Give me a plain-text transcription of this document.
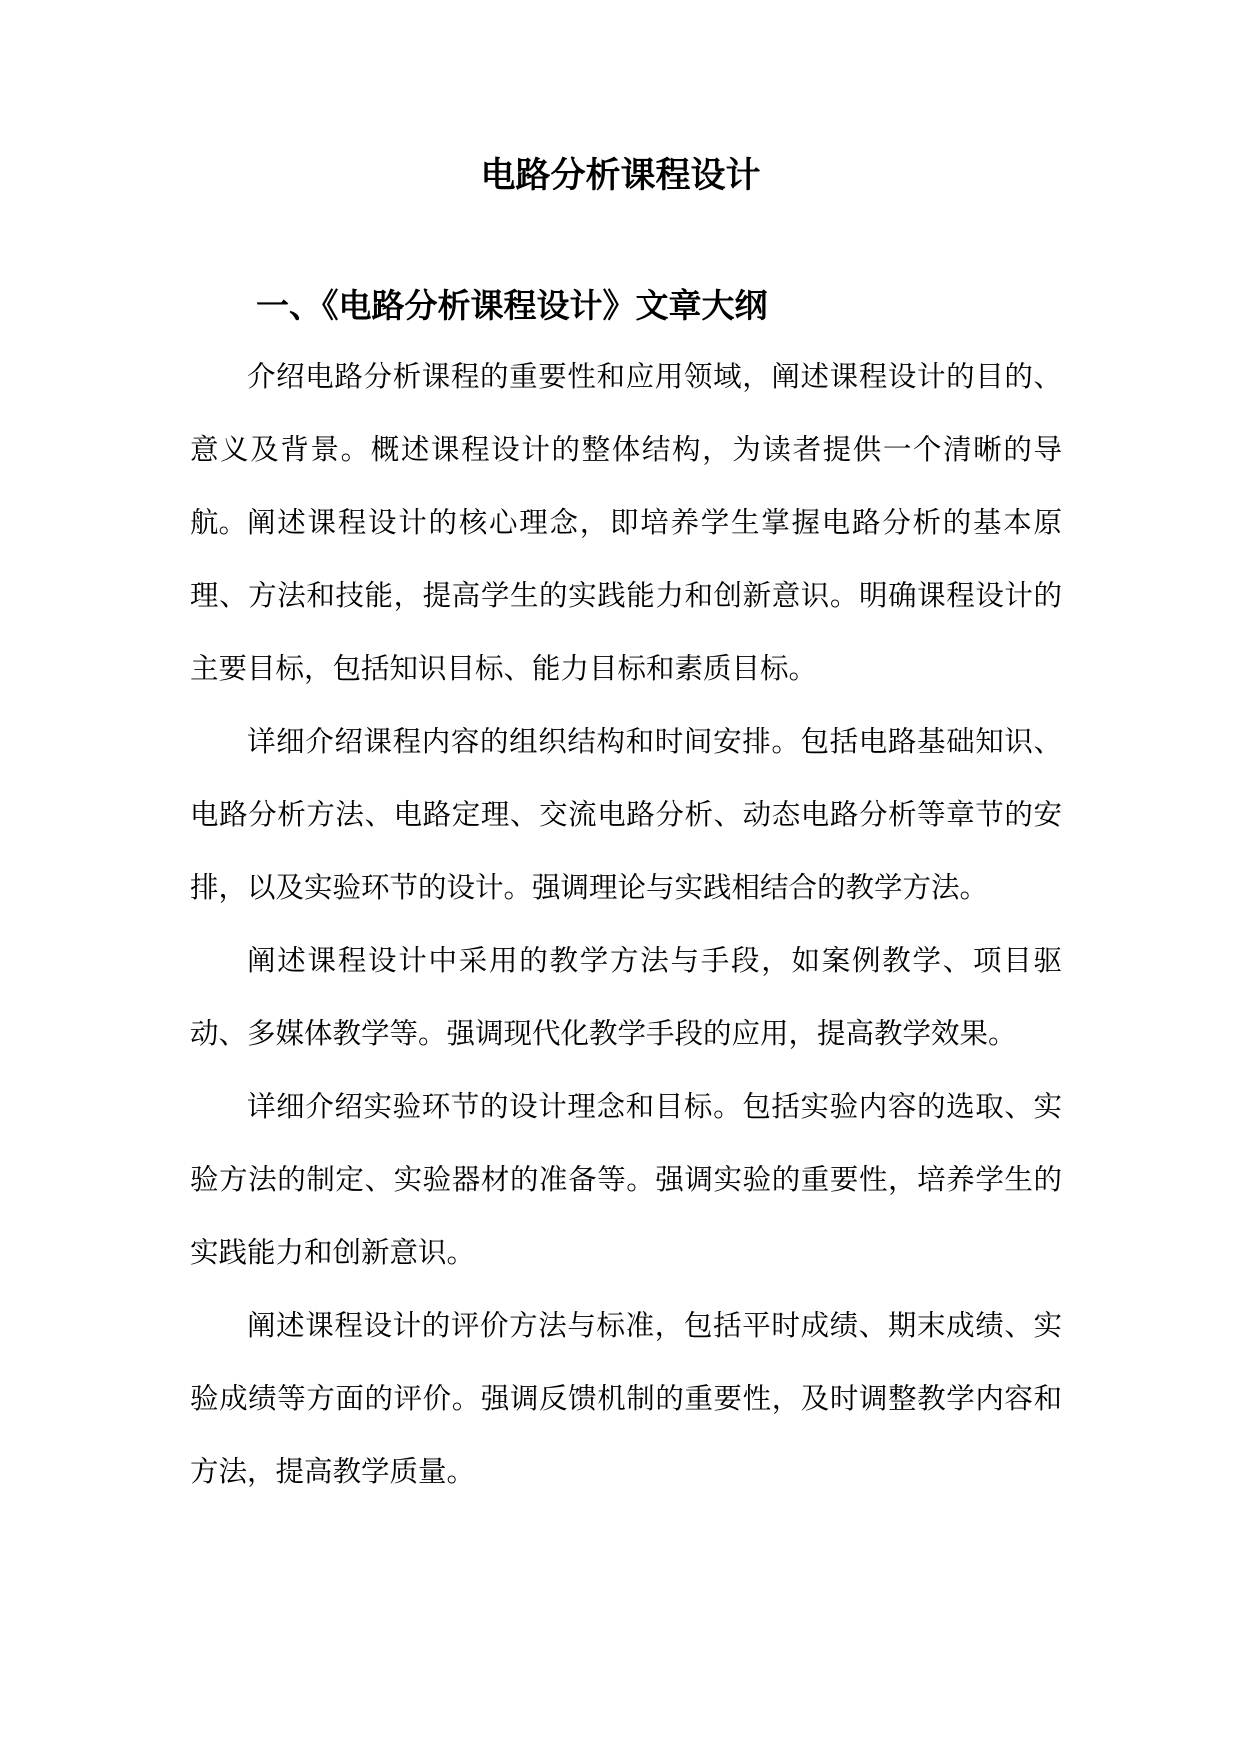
电路分析课程设计
一、《电路分析课程设计》文章大纲

介绍电路分析课程的重要性和应用领域，阐述课程设计的目的、意义及背景。概述课程设计的整体结构，为读者提供一个清晰的导航。 阐述课程设计的核心理念，即培养学生掌握电路分析的基本原理、方法和技能，提高学生的实践能力和创新意识。明确课程设计的主要目标，包括知识目标、能力目标和素质目标。

详细介绍课程内容的组织结构和时间安排。包括电路基础知识、电路分析方法、电路定理、交流电路分析、动态电路分析等章节的安排，以及实验环节的设计。强调理论与实践相结合的教学方法。

阐述课程设计中采用的教学方法与手段，如案例教学、项目驱动、多媒体教学等。强调现代化教学手段的应用，提高教学效果。

详细介绍实验环节的设计理念和目标。包括实验内容的选取、实验方法的制定、实验器材的准备等。强调实验的重要性，培养学生的实践能力和创新意识。

阐述课程设计的评价方法与标准，包括平时成绩、期末成绩、实验成绩等方面的评价。强调反馈机制的重要性，及时调整教学内容和方法，提高教学质量。
